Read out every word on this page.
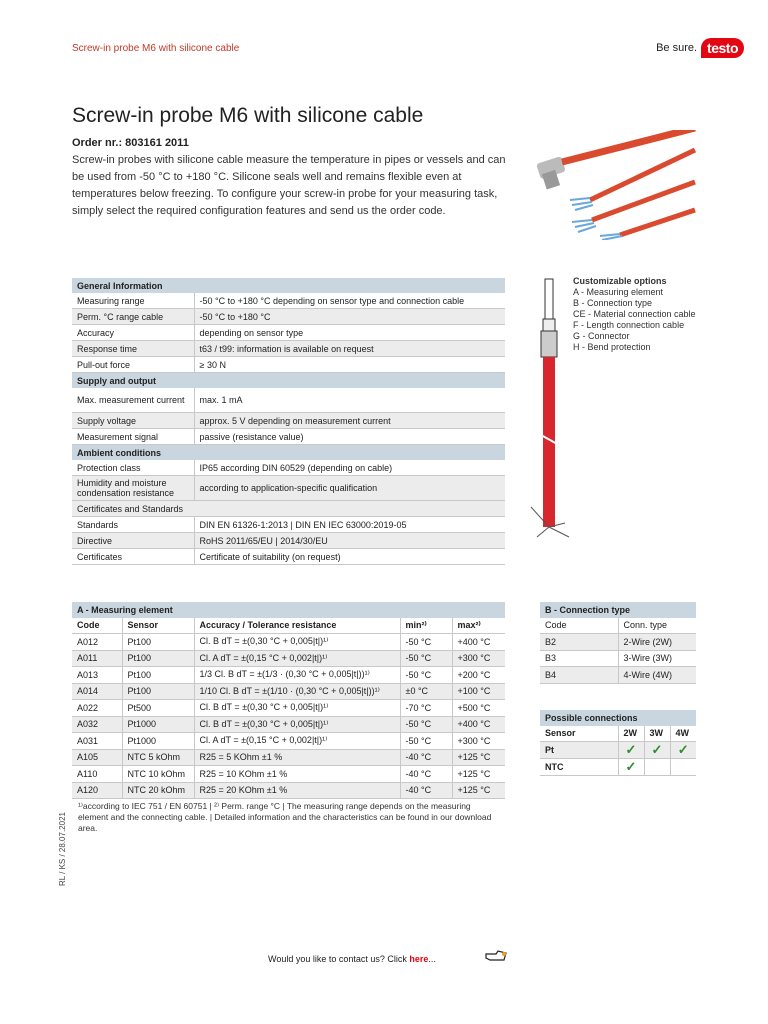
Screw-in probe M6 with silicone cable	Be sure. testo
Screw-in probe M6 with silicone cable
Order nr.: 803161 2011
Screw-in probes with silicone cable measure the temperature in pipes or vessels and can be used from -50 °C to +180 °C. Silicone seals well and remains flexible even at temperatures below freezing. To configure your screw-in probe for your measuring task, simply select the required configuration features and send us the order code.
Customizable options
A - Measuring element
B - Connection type
CE - Material connection cable
F - Length connection cable
G - Connector
H - Bend protection
General Information	
Measuring range	-50 °C to +180 °C depending on sensor type and connection cable
Perm. °C range cable	-50 °C to +180 °C
Accuracy	depending on sensor type
Response time	t63 / t99: information is available on request
Pull-out force	≥ 30 N
Supply and output	
Max. measurement current	max. 1 mA
Supply voltage	approx. 5 V depending on measurement current
Measurement signal	passive (resistance value)
Ambient conditions	
Protection class	IP65 according DIN 60529 (depending on cable)
Humidity and moisture condensation resistance	according to application-specific qualification
Certificates and Standards	
Standards	DIN EN 61326-1:2013 | DIN EN IEC 63000:2019-05
Directive	RoHS 2011/65/EU | 2014/30/EU
Certificates	Certificate of suitability (on request)
A - Measuring element				
Code	Sensor	Accuracy / Tolerance resistance	min²⁾	max²⁾
A012	Pt100	Cl. B dT = ±(0,30 °C + 0,005|t|)¹⁾	-50 °C	+400 °C
A011	Pt100	Cl. A dT = ±(0,15 °C + 0,002|t|)¹⁾	-50 °C	+300 °C
A013	Pt100	1/3 Cl. B dT = ±(1/3 · (0,30 °C + 0,005|t|))¹⁾	-50 °C	+200 °C
A014	Pt100	1/10 Cl. B dT = ±(1/10 · (0,30 °C + 0,005|t|))¹⁾	±0 °C	+100 °C
A022	Pt500	Cl. B dT = ±(0,30 °C + 0,005|t|)¹⁾	-70 °C	+500 °C
A032	Pt1000	Cl. B dT = ±(0,30 °C + 0,005|t|)¹⁾	-50 °C	+400 °C
A031	Pt1000	Cl. A dT = ±(0,15 °C + 0,002|t|)¹⁾	-50 °C	+300 °C
A105	NTC 5 kOhm	R25 = 5 KOhm ±1 %	-40 °C	+125 °C
A110	NTC 10 kOhm	R25 = 10 KOhm ±1 %	-40 °C	+125 °C
A120	NTC 20 kOhm	R25 = 20 KOhm ±1 %	-40 °C	+125 °C
B - Connection type	
Code	Conn. type
B2	2-Wire (2W)
B3	3-Wire (3W)
B4	4-Wire (4W)
Possible connections			
Sensor	2W	3W	4W
Pt	✓	✓	✓
NTC	✓		
¹⁾according to IEC 751 / EN 60751 | ²⁾ Perm. range °C | The measuring range depends on the measuring element and the connecting cable. | Detailed information and the characteristics can be found in our download area.
RL / KS / 28.07.2021
Would you like to contact us? Click here...
